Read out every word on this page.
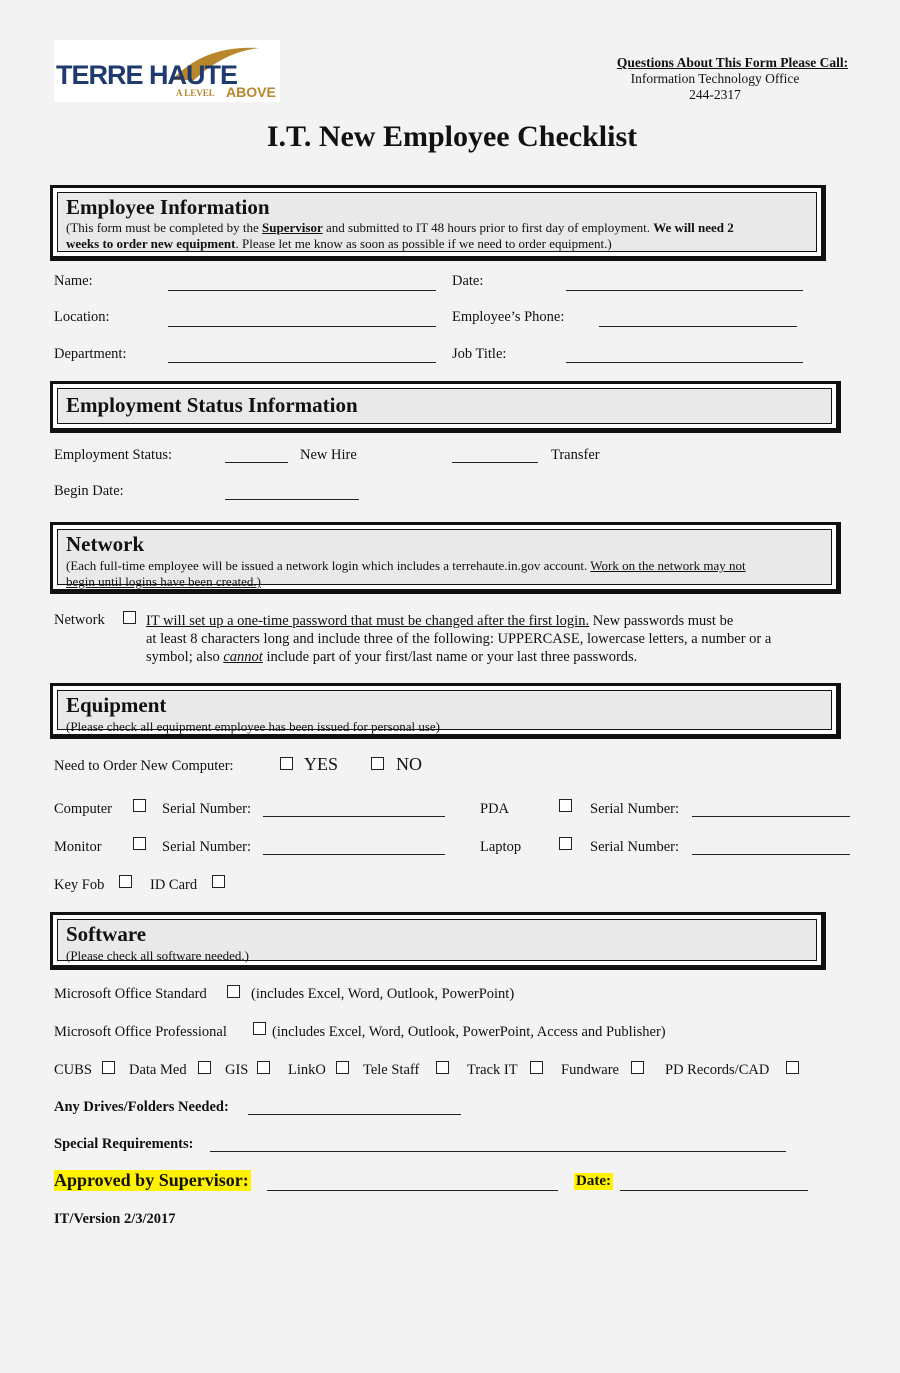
TERRE HAUTE
A LEVEL ABOVE
Questions About This Form Please Call:
Information Technology Office
244-2317
I.T. New Employee Checklist
Employee Information
(This form must be completed by the Supervisor and submitted to IT 48 hours prior to first day of employment. We will need 2
weeks to order new equipment. Please let me know as soon as possible if we need to order equipment.)
Name:	Date:
Location:	Employee’s Phone:
Department:	Job Title:
Employment Status Information
Employment Status:	New Hire	Transfer
Begin Date:
Network
(Each full-time employee will be issued a network login which includes a terrehaute.in.gov account. Work on the network may not
begin until logins have been created.)
Network	IT will set up a one-time password that must be changed after the first login. New passwords must be
at least 8 characters long and include three of the following: UPPERCASE, lowercase letters, a number or a
symbol; also cannot include part of your first/last name or your last three passwords.
Equipment
(Please check all equipment employee has been issued for personal use)
Need to Order New Computer:	YES	NO
Computer	Serial Number:	PDA	Serial Number:
Monitor	Serial Number:	Laptop	Serial Number:
Key Fob	ID Card
Software
(Please check all software needed.)
Microsoft Office Standard	(includes Excel, Word, Outlook, PowerPoint)
Microsoft Office Professional	(includes Excel, Word, Outlook, PowerPoint, Access and Publisher)
CUBS	Data Med	GIS	LinkO	Tele Staff	Track IT	Fundware	PD Records/CAD
Any Drives/Folders Needed:
Special Requirements:
Approved by Supervisor:	Date:
IT/Version 2/3/2017
